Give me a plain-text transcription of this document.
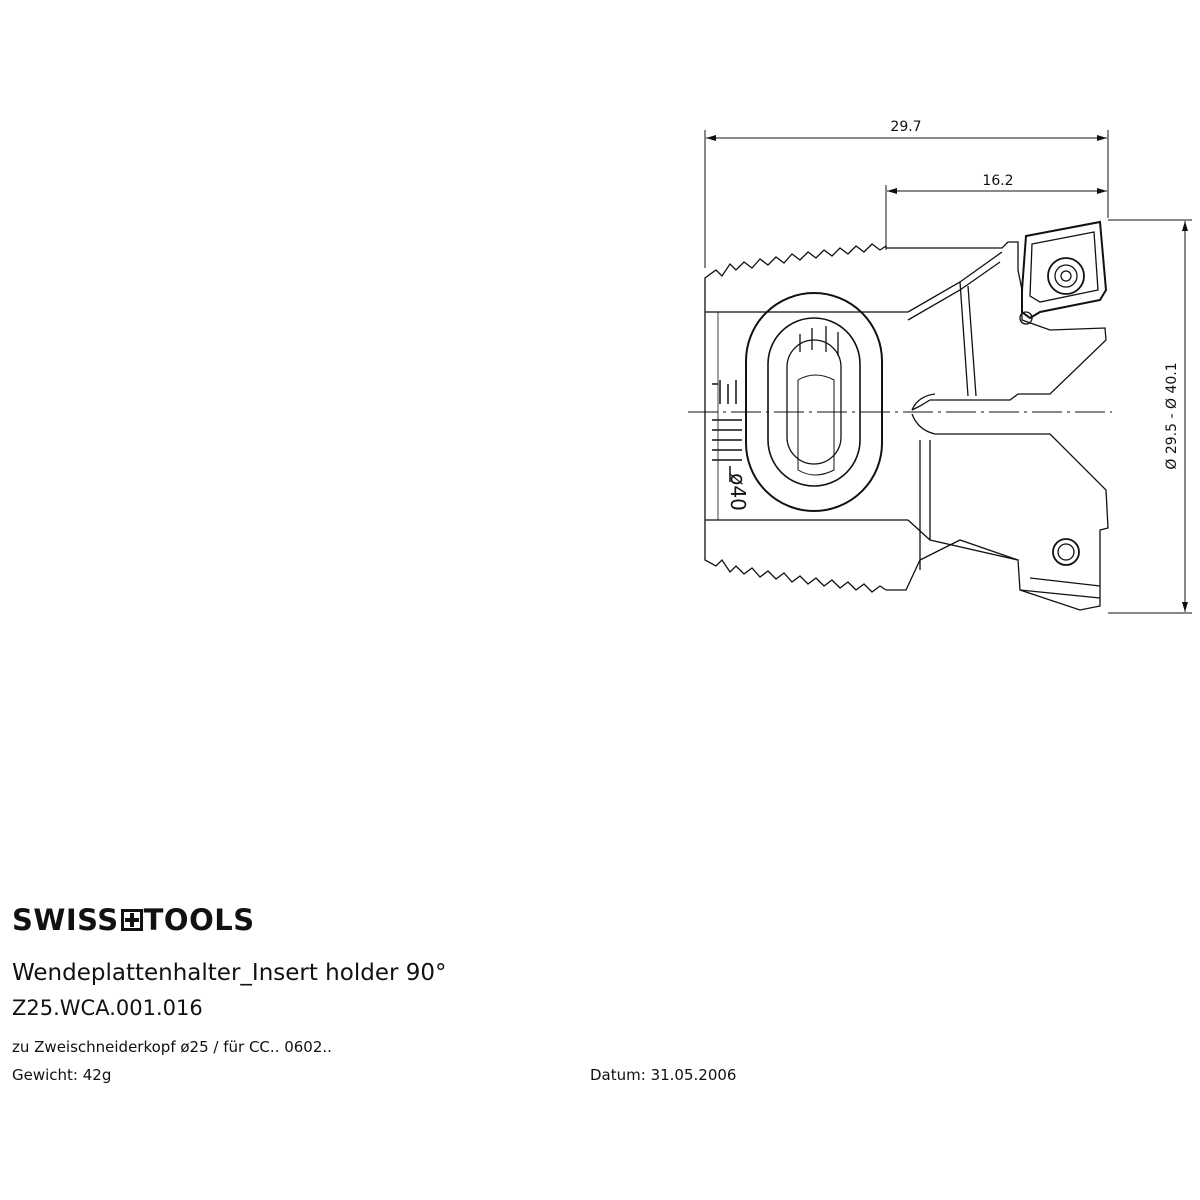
29.7
16.2
Ø 29.5 - Ø 40.1
ø40
SWISS TOOLS
Wendeplattenhalter_Insert holder 90°
Z25.WCA.001.016
zu Zweischneiderkopf ø25 / für CC.. 0602..
Gewicht: 42g	Datum: 31.05.2006
